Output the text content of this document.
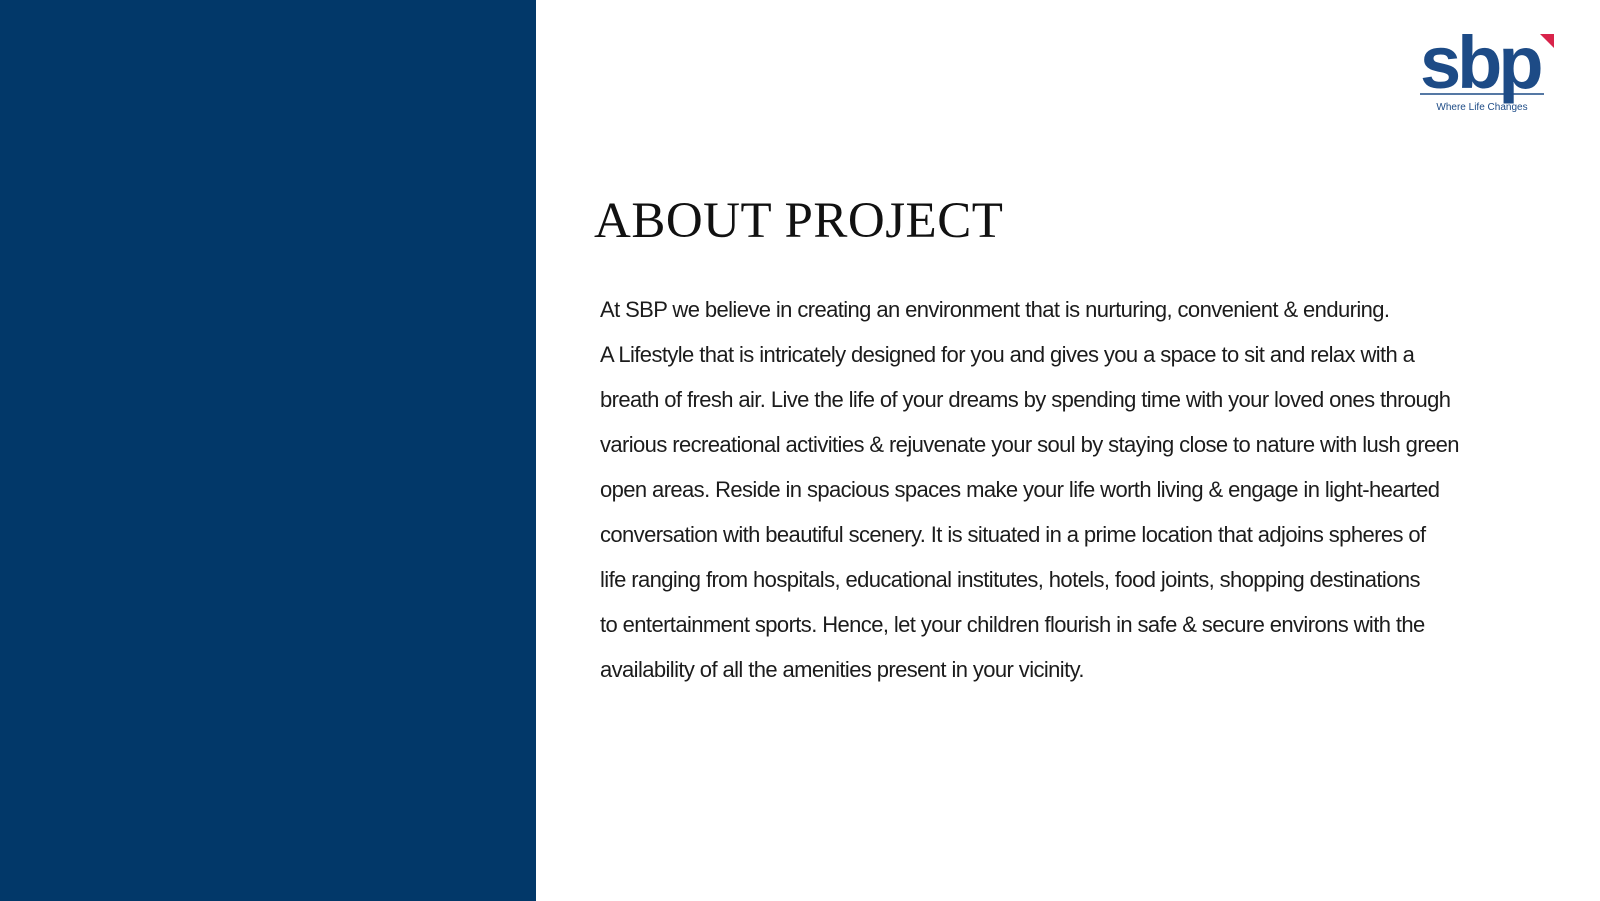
sbp
Where Life Changes
ABOUT PROJECT
At SBP we believe in creating an environment that is nurturing, convenient & enduring.
A Lifestyle that is intricately designed for you and gives you a space to sit and relax with a
breath of fresh air. Live the life of your dreams by spending time with your loved ones through
various recreational activities & rejuvenate your soul by staying close to nature with lush green
open areas. Reside in spacious spaces make your life worth living & engage in light-hearted
conversation with beautiful scenery. It is situated in a prime location that adjoins spheres of
life ranging from hospitals, educational institutes, hotels, food joints, shopping destinations
to entertainment sports. Hence, let your children flourish in safe & secure environs with the
availability of all the amenities present in your vicinity.
